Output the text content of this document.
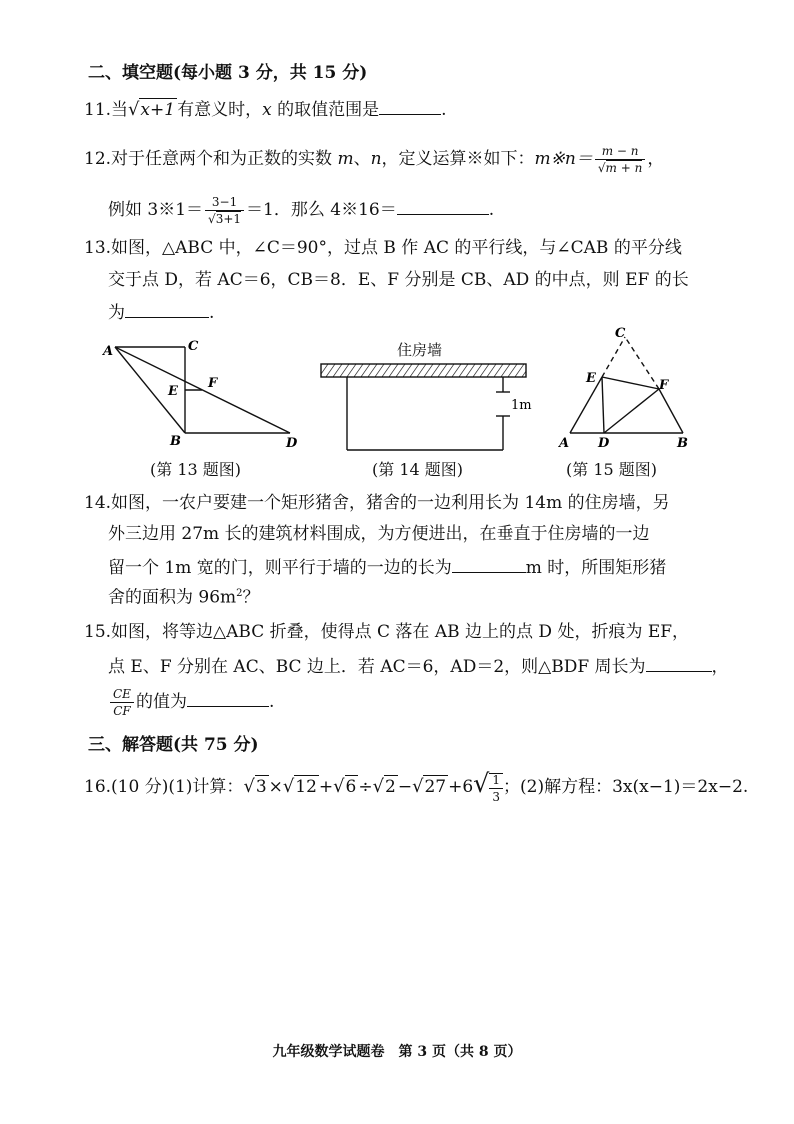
二、填空题(每小题 3 分，共 15 分)
11.当√x+1 有意义时，x 的取值范围是	.
12.对于任意两个和为正数的实数 m、n，定义运算※如下：m※n＝ $\frac{m - n}{√m + n}$ ，
例如 3※1＝ $\frac{3-1}{√3+1} =1$．那么 4※16＝	.
13.如图，△ABC 中，∠C＝90°，过点 B 作 AC 的平行线，与∠CAB 的平分线
交于点 D，若 AC＝6，CB＝8．E、F 分别是 CB、AD 的中点，则 EF 的长
为	.
A	C
E
F
B	D
住房墙
1m
C
E	F
A D	B
(第 13 题图)	(第 14 题图)	(第 15 题图)
14.如图，一农户要建一个矩形猪舍，猪舍的一边利用长为 14m 的住房墙，另
外三边用 27m 长的建筑材料围成，为方便进出，在垂直于住房墙的一边
留一个 1m 宽的门，则平行于墙的一边的长为	m 时，所围矩形猪
舍的面积为 $96m^2$？
15.如图，将等边△ABC 折叠，使得点 C 落在 AB 边上的点 D 处，折痕为 EF，
点 E、F 分别在 AC、BC 边上．若 AC＝6，AD＝2，则△BDF 周长为	，
$\frac{CE}{CF}$ 的值为	.
三、解答题(共 75 分)
16.(10 分)(1)计算：$√3 \times√12 +√6 \div√2 -√27 +6√ \frac{1}{3}$ ；(2)解方程：3x(x−1)＝2x−2.
九年级数学试题卷　第 3 页（共 8 页）
